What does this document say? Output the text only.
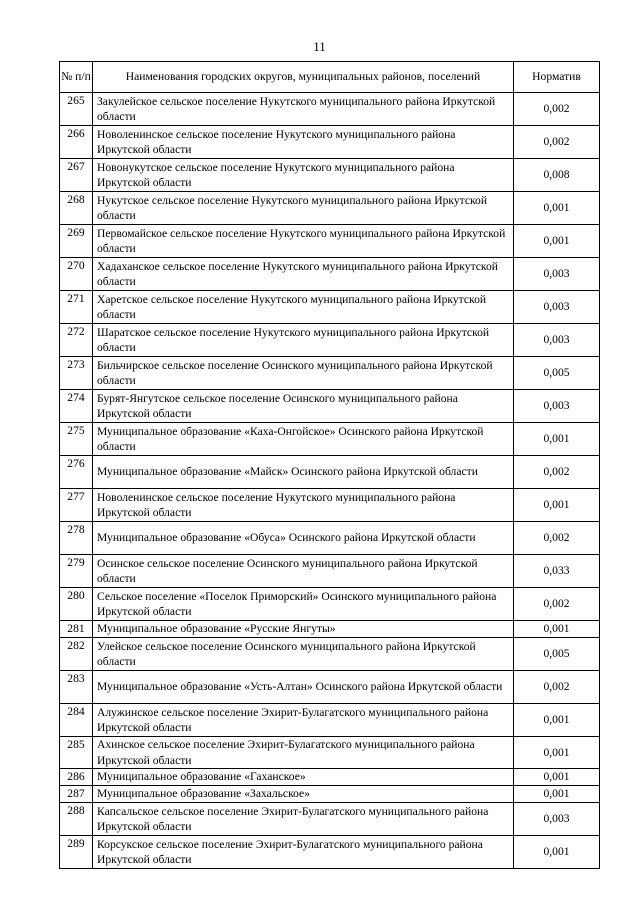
11
№ п/п	Наименования городских округов, муниципальных районов, поселений	Норматив
265	Закулейское сельское поселение Нукутского муниципального района Иркутской области	0,002
266	Новоленинское сельское поселение Нукутского муниципального района Иркутской области	0,002
267	Новонукутское сельское поселение Нукутского муниципального района Иркутской области	0,008
268	Нукутское сельское поселение Нукутского муниципального района Иркутской области	0,001
269	Первомайское сельское поселение Нукутского муниципального района Иркутской области	0,001
270	Хадаханское сельское поселение Нукутского муниципального района Иркутской области	0,003
271	Харетское сельское поселение Нукутского муниципального района Иркутской области	0,003
272	Шаратское сельское поселение Нукутского муниципального района Иркутской области	0,003
273	Бильчирское сельское поселение Осинского муниципального района Иркутской области	0,005
274	Бурят-Янгутское сельское поселение Осинского муниципального района Иркутской области	0,003
275	Муниципальное образование «Каха-Онгойское» Осинского района Иркутской области	0,001
276	Муниципальное образование «Майск» Осинского района Иркутской области	0,002
277	Новоленинское сельское поселение Нукутского муниципального района Иркутской области	0,001
278	Муниципальное образование «Обуса» Осинского района Иркутской области	0,002
279	Осинское сельское поселение Осинского муниципального района Иркутской области	0,033
280	Сельское поселение «Поселок Приморский» Осинского муниципального района Иркутской области	0,002
281	Муниципальное образование «Русские Янгуты»	0,001
282	Улейское сельское поселение Осинского муниципального района Иркутской области	0,005
283	Муниципальное образование «Усть-Алтан» Осинского района Иркутской области	0,002
284	Алужинское сельское поселение Эхирит-Булагатского муниципального района Иркутской области	0,001
285	Ахинское сельское поселение Эхирит-Булагатского муниципального района Иркутской области	0,001
286	Муниципальное образование «Гаханское»	0,001
287	Муниципальное образование «Захальское»	0,001
288	Капсальское сельское поселение Эхирит-Булагатского муниципального района Иркутской области	0,003
289	Корсукское сельское поселение Эхирит-Булагатского муниципального района Иркутской области	0,001
